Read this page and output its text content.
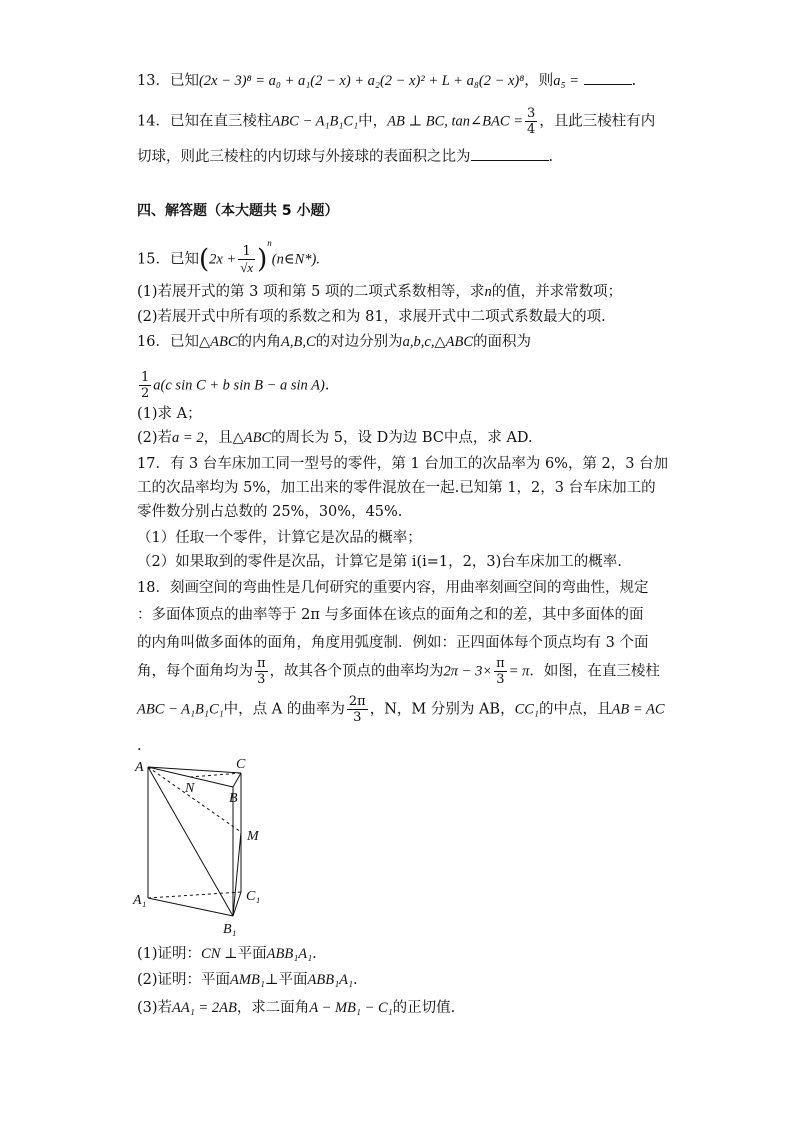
13．已知(2x − 3)⁸ = a₀ + a₁(2 − x) + a₂(2 − x)² + L + a₈(2 − x)⁸，则a₅ =	.
14．已知在直三棱柱ABC − A₁B₁C₁中，AB ⊥ BC, tan∠BAC = $\frac{3}{4}$ ，且此三棱柱有内
切球，则此三棱柱的内切球与外接球的表面积之比为	.
四、解答题（本大题共 5 小题）
15．已知($2x + \frac{1}{√x}$ )$^n(n\in N*)$.
(1)若展开式的第 3 项和第 5 项的二项式系数相等，求n的值，并求常数项；
(2)若展开式中所有项的系数之和为 81，求展开式中二项式系数最大的项.
16．已知△ABC的内角A,B,C的对边分别为a,b,c,△ABC的面积为
$\frac{1}{2} a(c$ sin C + b sin B − a sin A).
(1)求 A；
(2)若a = 2，且△ABC的周长为 5，设 D为边 BC中点，求 AD.
17．有 3 台车床加工同一型号的零件，第 1 台加工的次品率为 6%，第 2，3 台加
工的次品率均为 5%，加工出来的零件混放在一起.已知第 1，2，3 台车床加工的
零件数分别占总数的 25%，30%，45%.
（1）任取一个零件，计算它是次品的概率；
（2）如果取到的零件是次品，计算它是第 i(i=1，2，3)台车床加工的概率.
18．刻画空间的弯曲性是几何研究的重要内容，用曲率刻画空间的弯曲性，规定
：多面体顶点的曲率等于 2π 与多面体在该点的面角之和的差，其中多面体的面
的内角叫做多面体的面角，角度用弧度制．例如：正四面体每个顶点均有 3 个面
角，每个面角均为 $\frac{\pi}{3}$ ，故其各个顶点的曲率均为$2\pi - 3\times \frac{\pi}{3} = \pi$．如图，在直三棱柱
ABC − A₁B₁C₁中，点 A 的曲率为 $\frac{2\pi}{3}$ ，N，M 分别为 AB，CC₁的中点，且AB = AC
.
A	C
N
B
M
A₁	C₁
B₁
(1)证明：CN ⊥平面ABB₁A₁.
(2)证明：平面AMB₁⊥平面ABB₁A₁.
(3)若AA₁ = 2AB，求二面角A − MB₁ − C₁的正切值.
